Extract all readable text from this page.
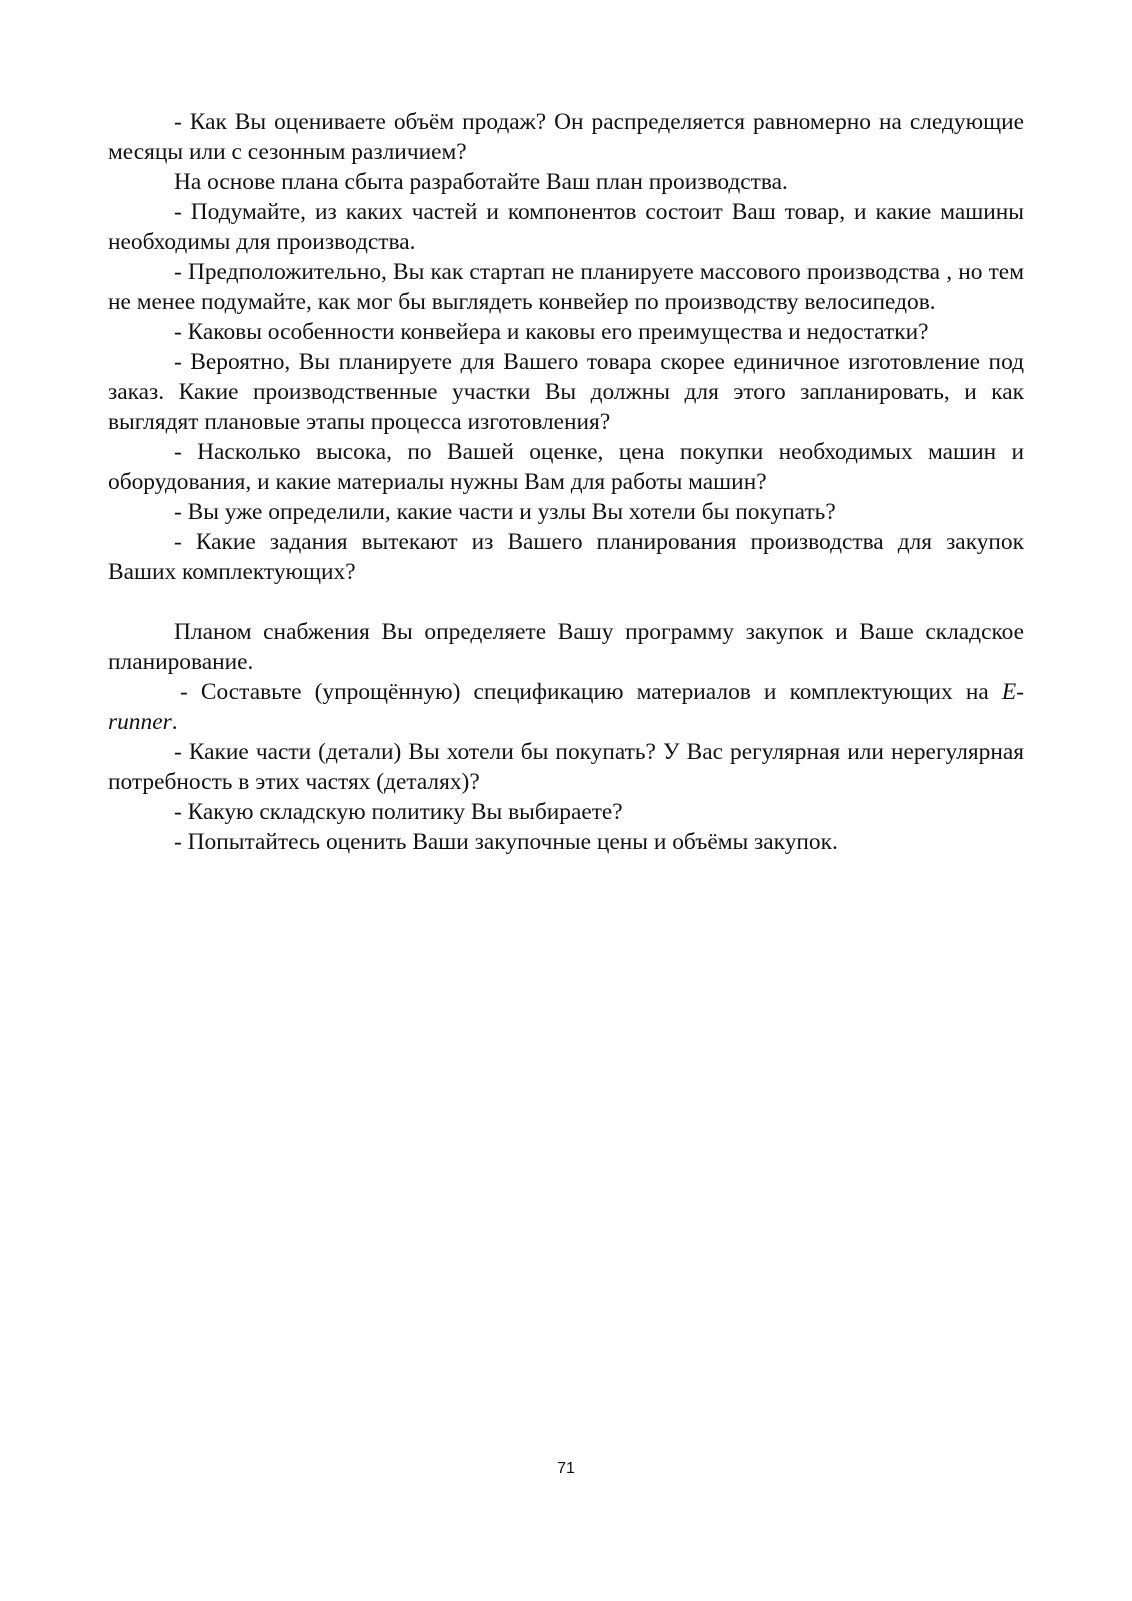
- Как Вы оцениваете объём продаж? Он распределяется равномерно на следующие месяцы или с сезонным различием?

На основе плана сбыта разработайте Ваш план производства.

- Подумайте, из каких частей и компонентов состоит Ваш товар, и какие машины необходимы для производства.

- Предположительно, Вы как стартап не планируете массового производства , но тем не менее подумайте, как мог бы выглядеть конвейер по производству велосипедов.

- Каковы особенности конвейера и каковы его преимущества и недостатки?

- Вероятно, Вы планируете для Вашего товара скорее единичное изготовление под заказ. Какие производственные участки Вы должны для этого запланировать, и как выглядят плановые этапы процесса изготовления?

- Насколько высока, по Вашей оценке, цена покупки необходимых машин и оборудования, и какие материалы нужны Вам для работы машин?

- Вы уже определили, какие части и узлы Вы хотели бы покупать?

- Какие задания вытекают из Вашего планирования производства для закупок Ваших комплектующих?

Планом снабжения Вы определяете Вашу программу закупок и Ваше складское планирование.

- Составьте (упрощённую) спецификацию материалов и комплектующих на E-runner.

- Какие части (детали) Вы хотели бы покупать? У Вас регулярная или нерегулярная потребность в этих частях (деталях)?

- Какую складскую политику Вы выбираете?

- Попытайтесь оценить Ваши закупочные цены и объёмы закупок.

71
